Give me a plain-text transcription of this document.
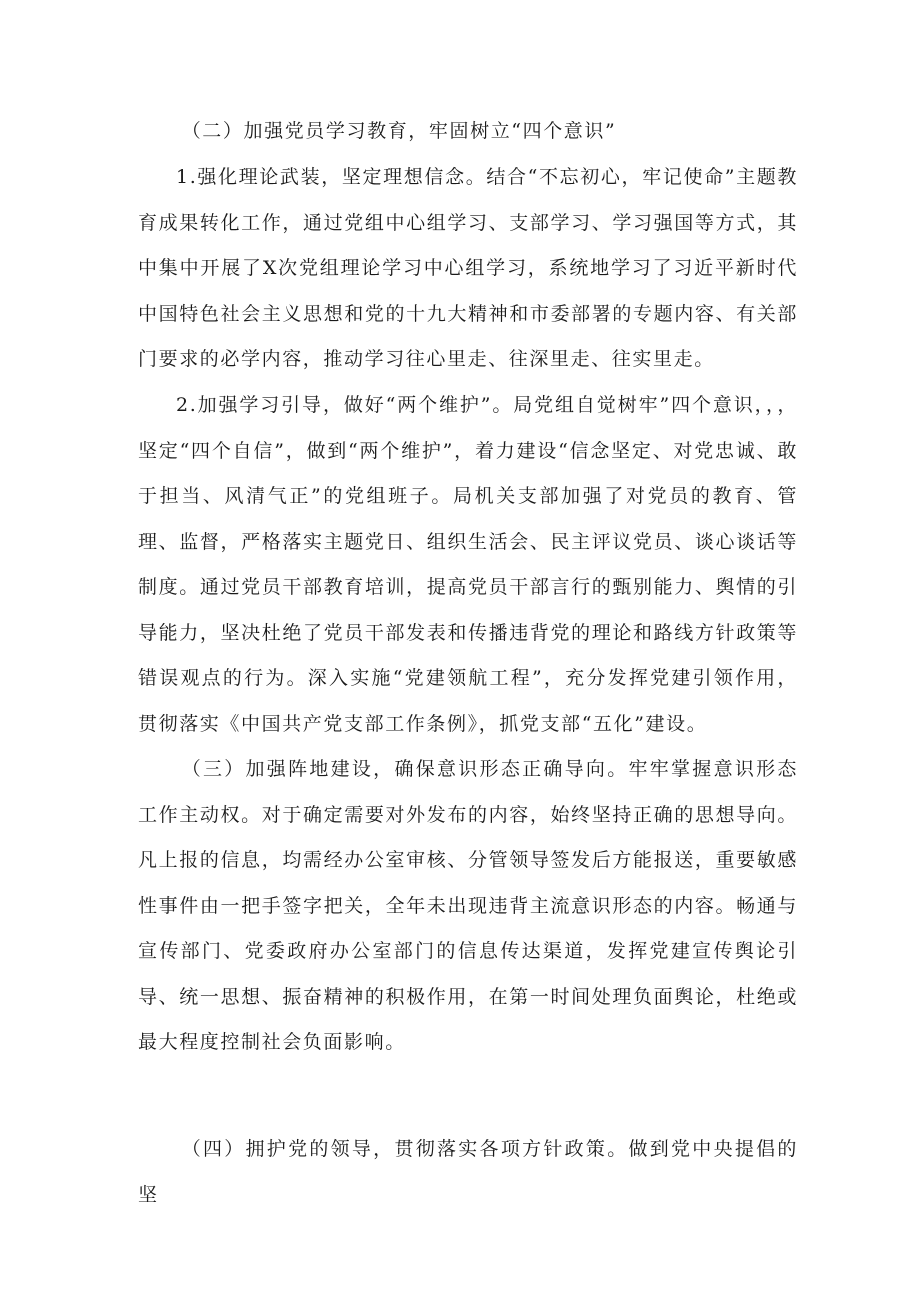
（二）加强党员学习教育，牢固树立“四个意识”

1.强化理论武装，坚定理想信念。结合“不忘初心，牢记使命”主题教育成果转化工作，通过党组中心组学习、支部学习、学习强国等方式，其中集中开展了X次党组理论学习中心组学习，系统地学习了习近平新时代中国特色社会主义思想和党的十九大精神和市委部署的专题内容、有关部门要求的必学内容，推动学习往心里走、往深里走、往实里走。

2.加强学习引导，做好“两个维护”。局党组自觉树牢”四个意识，，，坚定“四个自信”，做到“两个维护”，着力建设“信念坚定、对党忠诚、敢于担当、风清气正”的党组班子。局机关支部加强了对党员的教育、管理、监督，严格落实主题党日、组织生活会、民主评议党员、谈心谈话等制度。通过党员干部教育培训，提高党员干部言行的甄别能力、舆情的引导能力，坚决杜绝了党员干部发表和传播违背党的理论和路线方针政策等错误观点的行为。深入实施“党建领航工程”，充分发挥党建引领作用，贯彻落实《中国共产党支部工作条例》，抓党支部“五化”建设。

（三）加强阵地建设，确保意识形态正确导向。牢牢掌握意识形态工作主动权。对于确定需要对外发布的内容，始终坚持正确的思想导向。凡上报的信息，均需经办公室审核、分管领导签发后方能报送，重要敏感性事件由一把手签字把关，全年未出现违背主流意识形态的内容。畅通与宣传部门、党委政府办公室部门的信息传达渠道，发挥党建宣传舆论引导、统一思想、振奋精神的积极作用，在第一时间处理负面舆论，杜绝或最大程度控制社会负面影响。

（四）拥护党的领导，贯彻落实各项方针政策。做到党中央提倡的坚
